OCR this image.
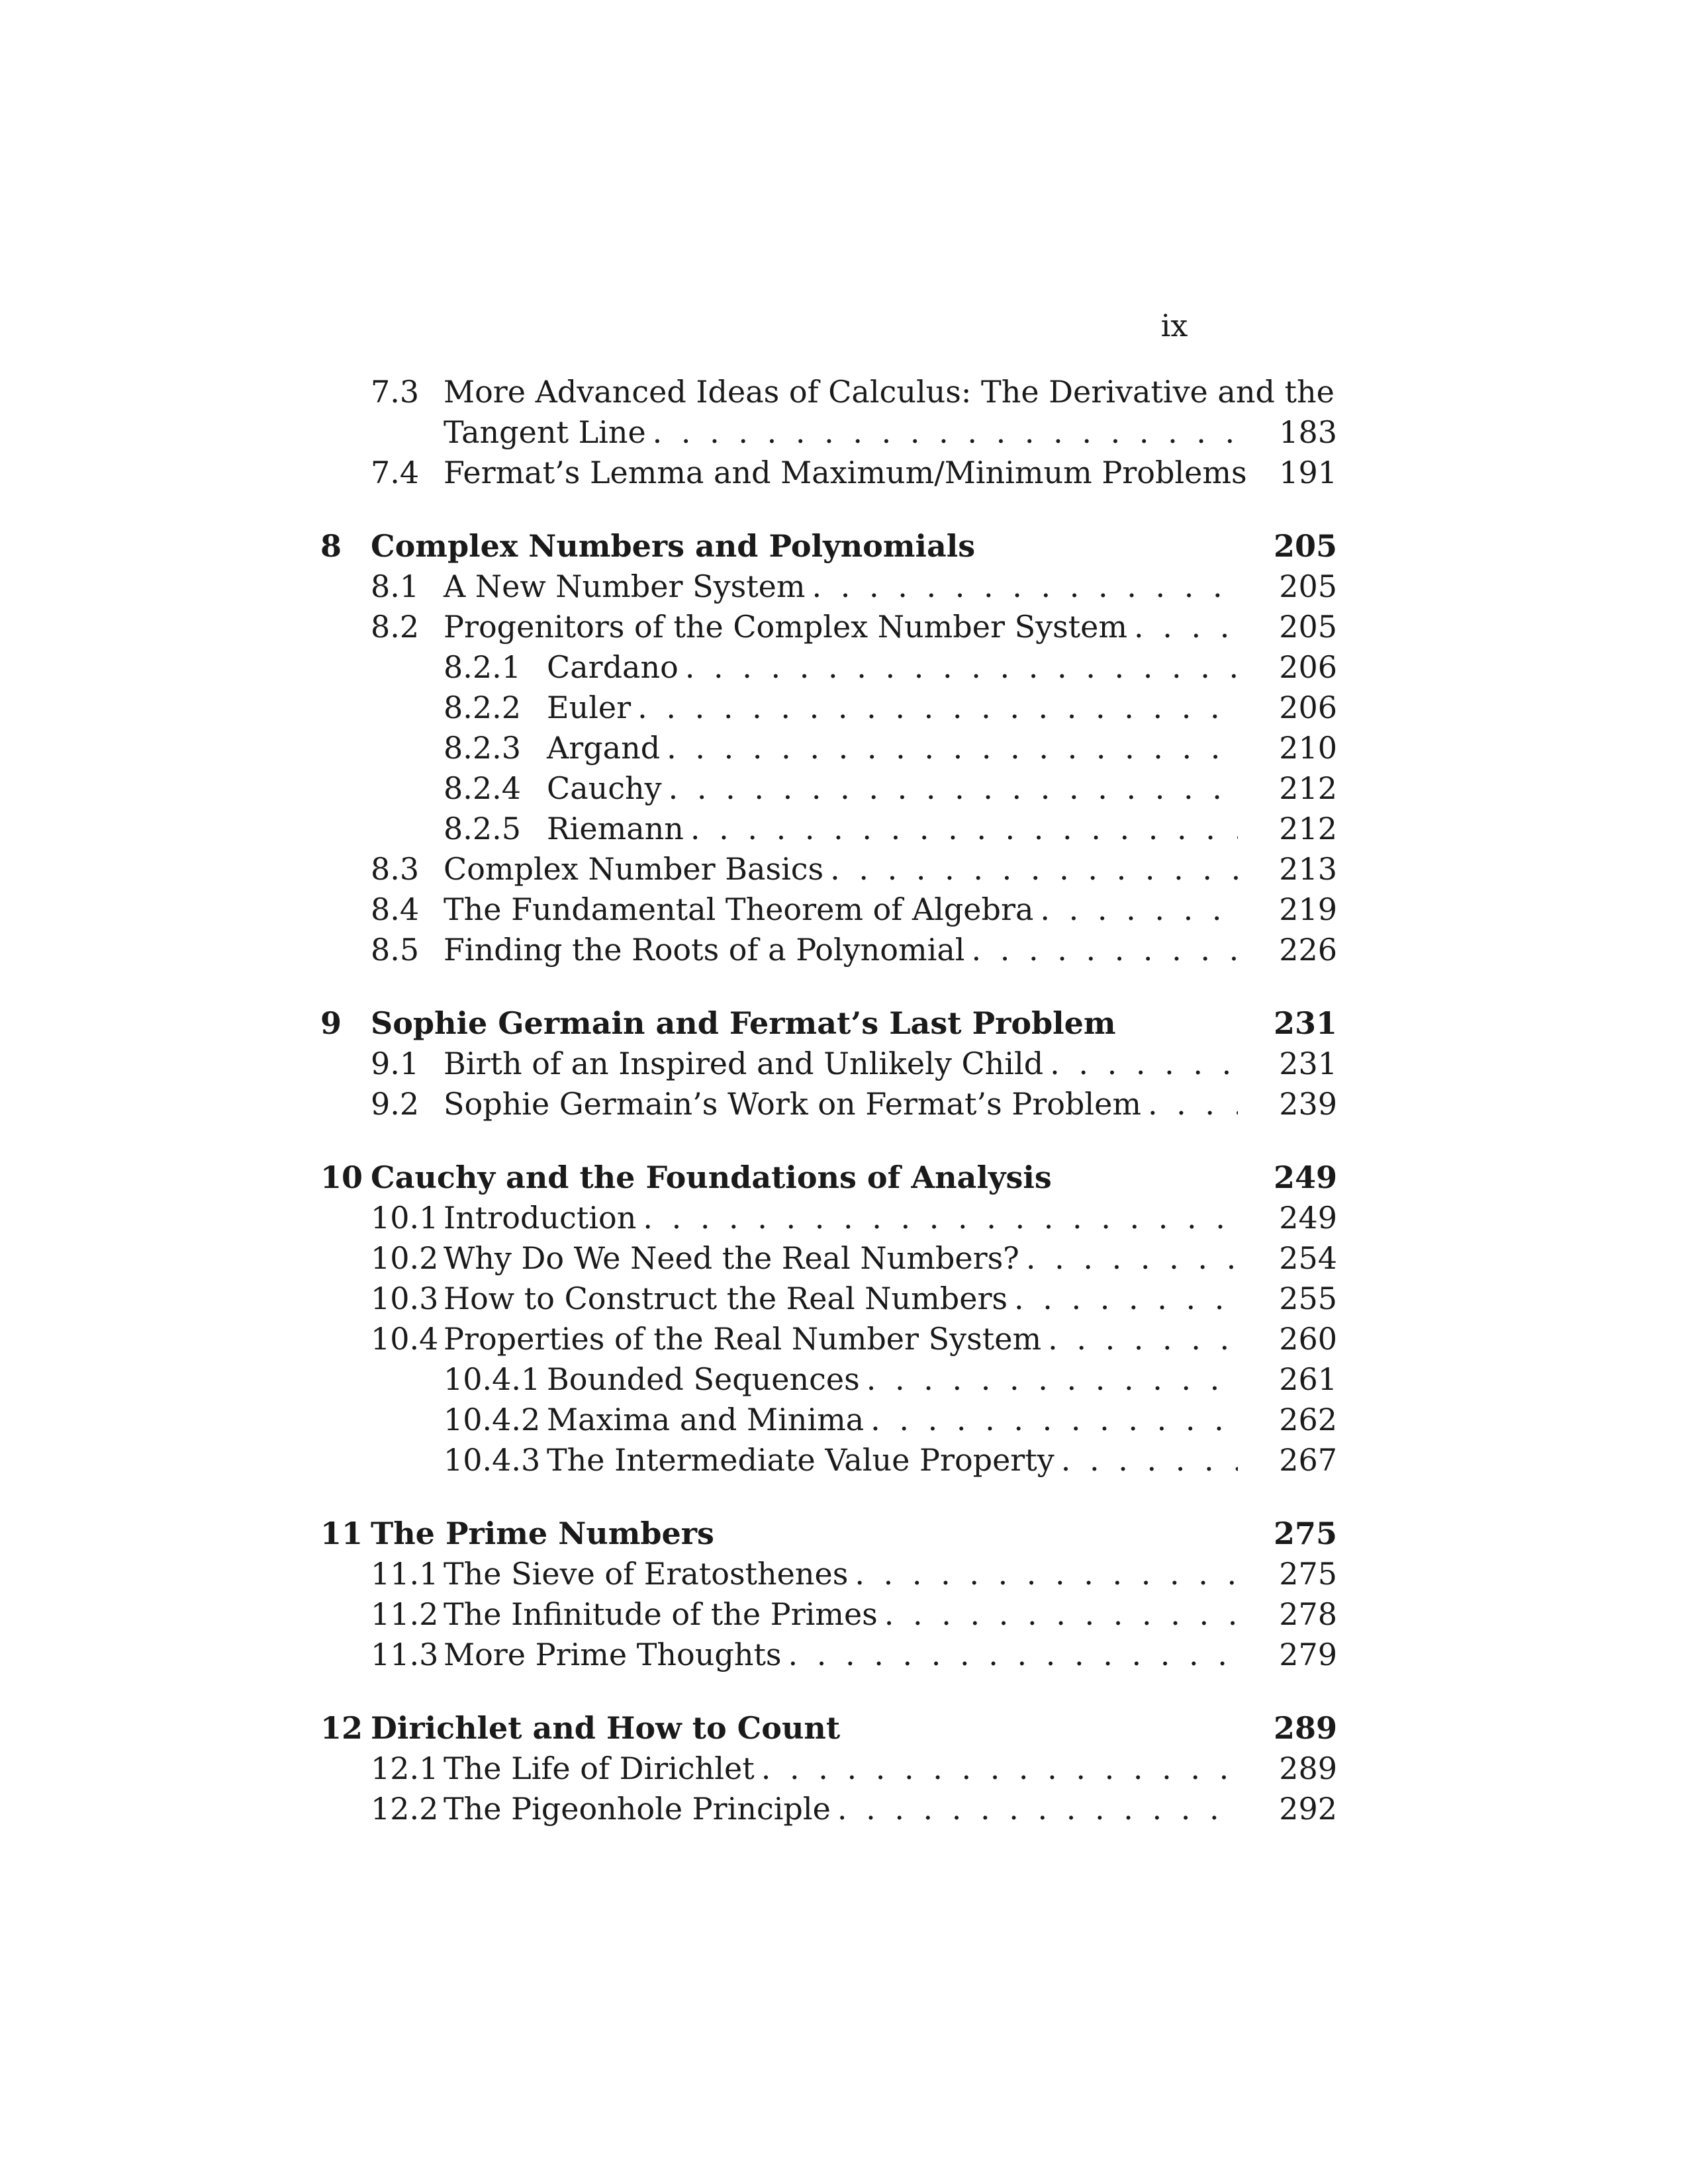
ix
7.3 More Advanced Ideas of Calculus: The Derivative and the
Tangent Line . . .	183
7.4 Fermat’s Lemma and Maximum/Minimum Problems	191
8 Complex Numbers and Polynomials	205
8.1 A New Number System . . .	205
8.2 Progenitors of the Complex Number System . . .	205
8.2.1 Cardano . . .	206
8.2.2 Euler . . .	206
8.2.3 Argand . . .	210
8.2.4 Cauchy . . .	212
8.2.5 Riemann . . .	212
8.3 Complex Number Basics . . .	213
8.4 The Fundamental Theorem of Algebra . . .	219
8.5 Finding the Roots of a Polynomial . . .	226
9 Sophie Germain and Fermat’s Last Problem	231
9.1 Birth of an Inspired and Unlikely Child . . .	231
9.2 Sophie Germain’s Work on Fermat’s Problem . . .	239
10 Cauchy and the Foundations of Analysis	249
10.1 Introduction . . .	249
10.2 Why Do We Need the Real Numbers? . . .	254
10.3 How to Construct the Real Numbers . . .	255
10.4 Properties of the Real Number System . . .	260
10.4.1 Bounded Sequences . . .	261
10.4.2 Maxima and Minima . . .	262
10.4.3 The Intermediate Value Property . . .	267
11 The Prime Numbers	275
11.1 The Sieve of Eratosthenes . . .	275
11.2 The Infinitude of the Primes . . .	278
11.3 More Prime Thoughts . . .	279
12 Dirichlet and How to Count	289
12.1 The Life of Dirichlet . . .	289
12.2 The Pigeonhole Principle . . .	292
